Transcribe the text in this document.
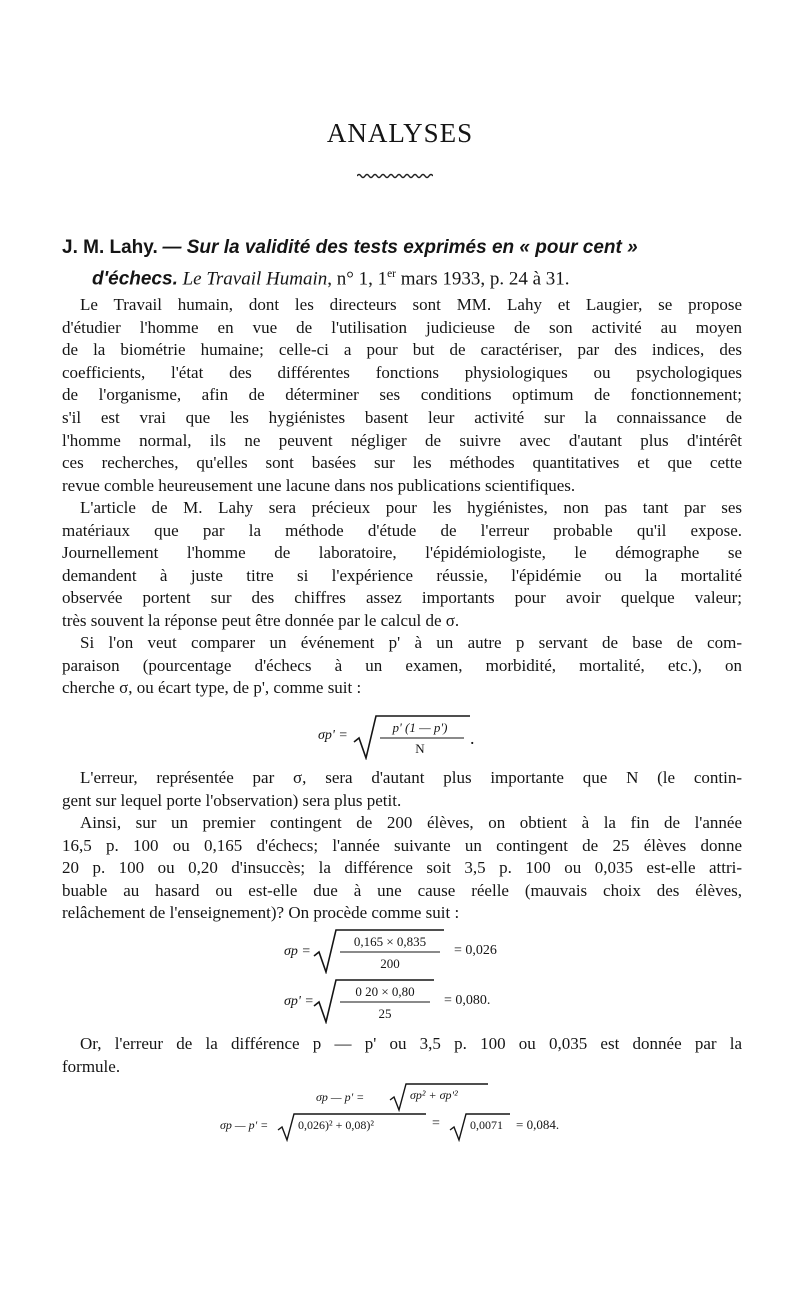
ANALYSES
J. M. Lahy. — Sur la validité des tests exprimés en « pour cent »
d'échecs. Le Travail Humain, n° 1, 1er mars 1933, p. 24 à 31.
Le Travail humain, dont les directeurs sont MM. Lahy et Laugier, se propose
d'étudier l'homme en vue de l'utilisation judicieuse de son activité au moyen
de la biométrie humaine; celle-ci a pour but de caractériser, par des indices, des
coefficients, l'état des différentes fonctions physiologiques ou psychologiques
de l'organisme, afin de déterminer ses conditions optimum de fonctionnement;
s'il est vrai que les hygiénistes basent leur activité sur la connaissance de
l'homme normal, ils ne peuvent négliger de suivre avec d'autant plus d'intérêt
ces recherches, qu'elles sont basées sur les méthodes quantitatives et que cette
revue comble heureusement une lacune dans nos publications scientifiques.
L'article de M. Lahy sera précieux pour les hygiénistes, non pas tant par ses
matériaux que par la méthode d'étude de l'erreur probable qu'il expose.
Journellement l'homme de laboratoire, l'épidémiologiste, le démographe se
demandent à juste titre si l'expérience réussie, l'épidémie ou la mortalité
observée portent sur des chiffres assez importants pour avoir quelque valeur;
très souvent la réponse peut être donnée par le calcul de σ.
Si l'on veut comparer un événement p' à un autre p servant de base de com-
paraison (pourcentage d'échecs à un examen, morbidité, mortalité, etc.), on
cherche σ, ou écart type, de p', comme suit :
σp' =
p' (1 — p')
N
.
L'erreur, représentée par σ, sera d'autant plus importante que N (le contin-
gent sur lequel porte l'observation) sera plus petit.
Ainsi, sur un premier contingent de 200 élèves, on obtient à la fin de l'année
16,5 p. 100 ou 0,165 d'échecs; l'année suivante un contingent de 25 élèves donne
20 p. 100 ou 0,20 d'insuccès; la différence soit 3,5 p. 100 ou 0,035 est-elle attri-
buable au hasard ou est-elle due à une cause réelle (mauvais choix des élèves,
relâchement de l'enseignement)? On procède comme suit :
σp =
0,165 × 0,835
200
= 0,026
σp' =
0 20 × 0,80
25
= 0,080.
Or, l'erreur de la différence p — p' ou 3,5 p. 100 ou 0,035 est donnée par la
formule.
σp — p' =	σp² + σp'²
σp — p' = 0,026)² + 0,08)²	=	0,0071 = 0,084.
